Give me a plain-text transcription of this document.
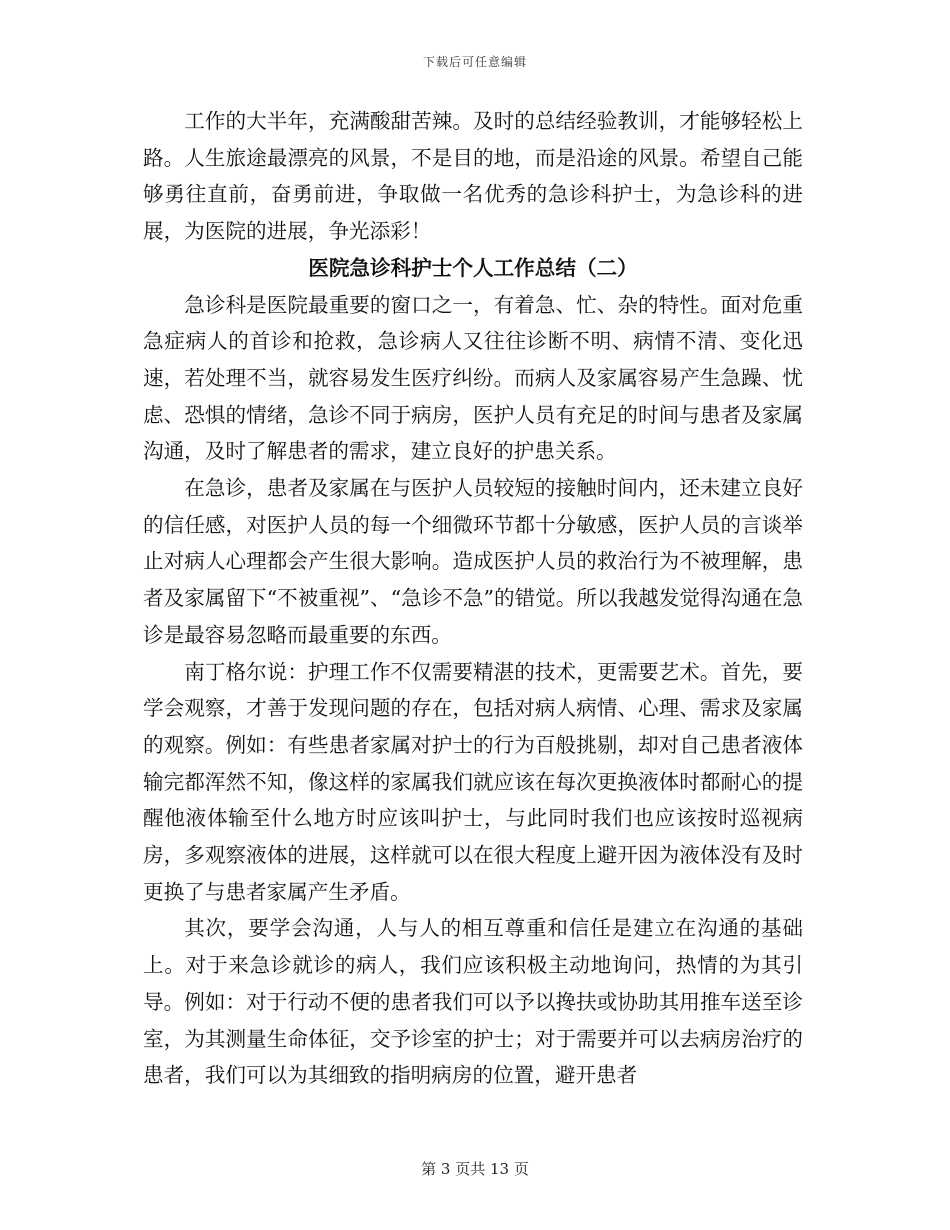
下载后可任意编辑

工作的大半年，充满酸甜苦辣。及时的总结经验教训，才能够轻松上路。人生旅途最漂亮的风景，不是目的地，而是沿途的风景。希望自己能够勇往直前，奋勇前进，争取做一名优秀的急诊科护士，为急诊科的进展，为医院的进展，争光添彩！

医院急诊科护士个人工作总结（二）

急诊科是医院最重要的窗口之一，有着急、忙、杂的特性。面对危重急症病人的首诊和抢救，急诊病人又往往诊断不明、病情不清、变化迅速，若处理不当，就容易发生医疗纠纷。而病人及家属容易产生急躁、忧虑、恐惧的情绪，急诊不同于病房，医护人员有充足的时间与患者及家属沟通，及时了解患者的需求，建立良好的护患关系。

在急诊，患者及家属在与医护人员较短的接触时间内，还未建立良好的信任感，对医护人员的每一个细微环节都十分敏感，医护人员的言谈举止对病人心理都会产生很大影响。造成医护人员的救治行为不被理解，患者及家属留下“不被重视”、“急诊不急”的错觉。所以我越发觉得沟通在急诊是最容易忽略而最重要的东西。

南丁格尔说：护理工作不仅需要精湛的技术，更需要艺术。首先，要学会观察，才善于发现问题的存在，包括对病人病情、心理、需求及家属的观察。例如：有些患者家属对护士的行为百般挑剔，却对自己患者液体输完都浑然不知，像这样的家属我们就应该在每次更换液体时都耐心的提醒他液体输至什么地方时应该叫护士，与此同时我们也应该按时巡视病房，多观察液体的进展，这样就可以在很大程度上避开因为液体没有及时更换了与患者家属产生矛盾。

其次，要学会沟通，人与人的相互尊重和信任是建立在沟通的基础上。对于来急诊就诊的病人，我们应该积极主动地询问，热情的为其引导。例如：对于行动不便的患者我们可以予以搀扶或协助其用推车送至诊室，为其测量生命体征，交予诊室的护士；对于需要并可以去病房治疗的患者，我们可以为其细致的指明病房的位置，避开患者

第 3 页共 13 页
